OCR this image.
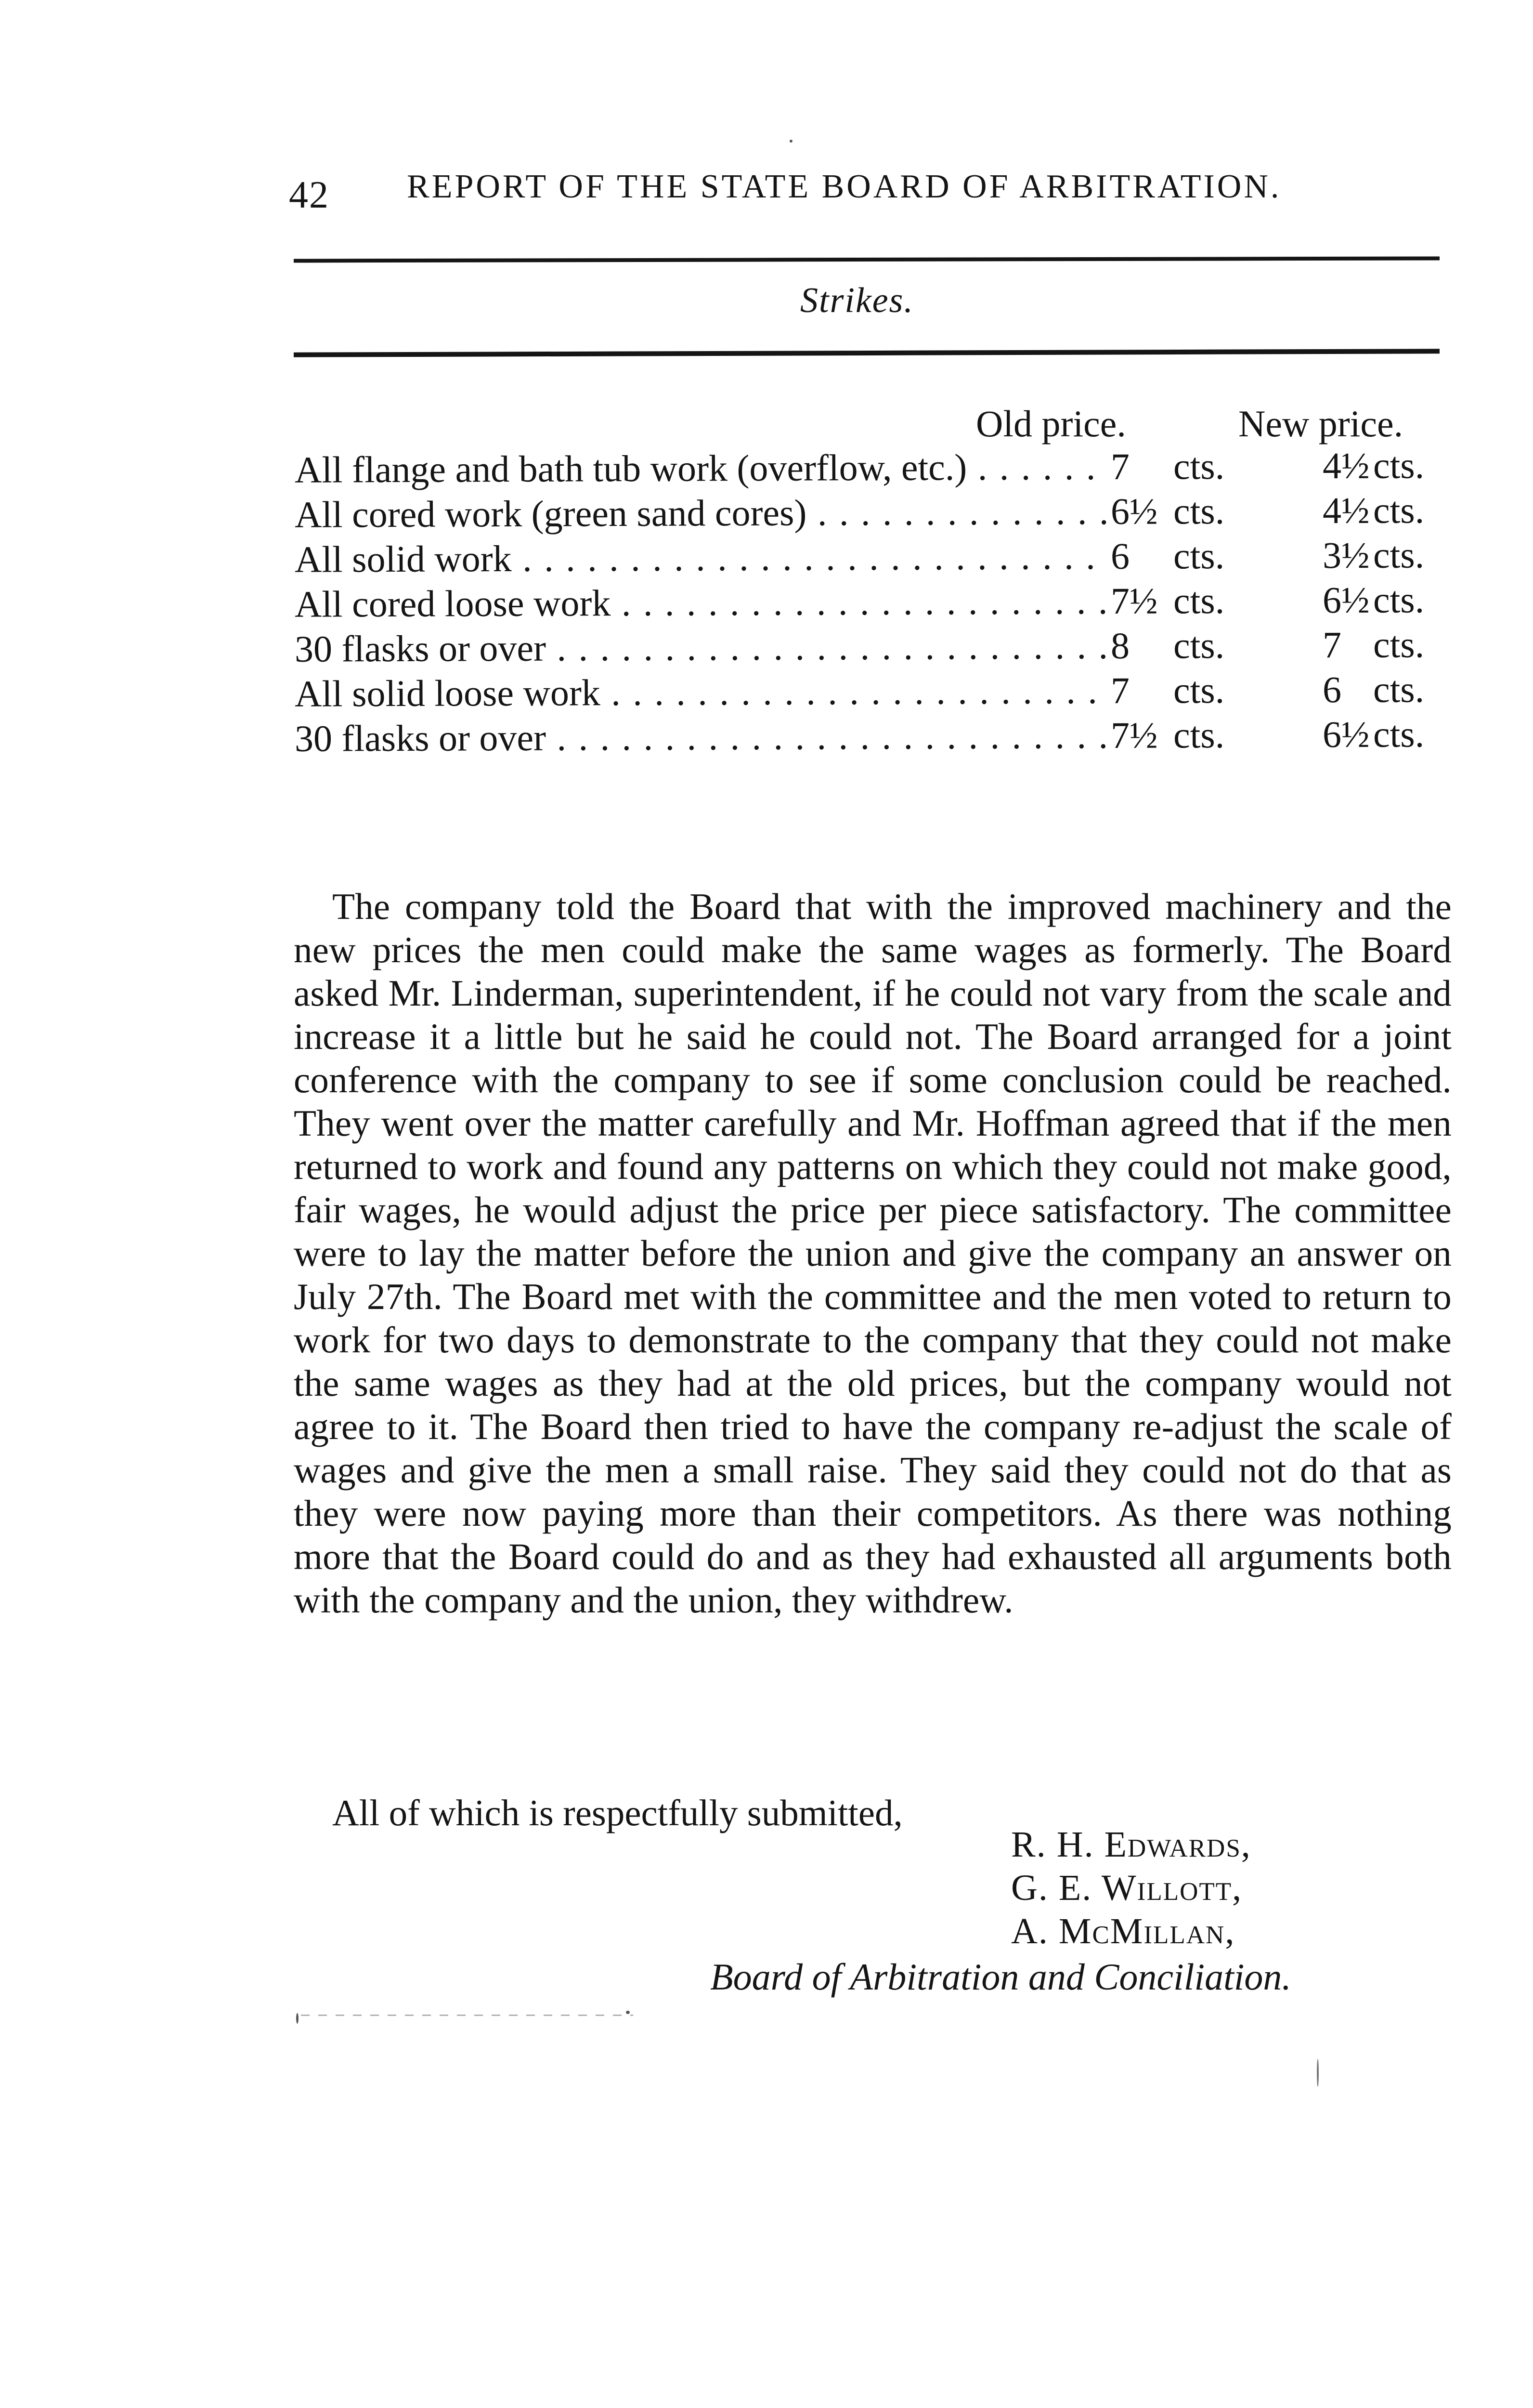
42 REPORT OF THE STATE BOARD OF ARBITRATION.
Strikes.
Old price.	New price.
All flange and bath tub work (overflow, etc.) . . .	7 cts.	4½ cts.
All cored work (green sand cores) . . .	6½ cts.	4½ cts.
All solid work . . .	6 cts.	3½ cts.
All cored loose work . . .	7½ cts.	6½ cts.
30 flasks or over . . .	8 cts.	7 cts.
All solid loose work . . .	7 cts.	6 cts.
30 flasks or over . . .	7½ cts.	6½ cts.

The company told the Board that with the improved machinery and the new prices the men could make the same wages as formerly. The Board asked Mr. Linderman, superintendent, if he could not vary from the scale and increase it a little but he said he could not. The Board arranged for a joint conference with the company to see if some conclusion could be reached. They went over the matter carefully and Mr. Hoffman agreed that if the men returned to work and found any patterns on which they could not make good, fair wages, he would adjust the price per piece satisfactory. The committee were to lay the matter before the union and give the company an answer on July 27th. The Board met with the committee and the men voted to return to work for two days to demonstrate to the company that they could not make the same wages as they had at the old prices, but the company would not agree to it. The Board then tried to have the company re-adjust the scale of wages and give the men a small raise. They said they could not do that as they were now paying more than their competitors. As there was nothing more that the Board could do and as they had exhausted all arguments both with the company and the union, they withdrew.

All of which is respectfully submitted,
R. H. Edwards,
G. E. Willott,
A. McMillan,
Board of Arbitration and Conciliation.
